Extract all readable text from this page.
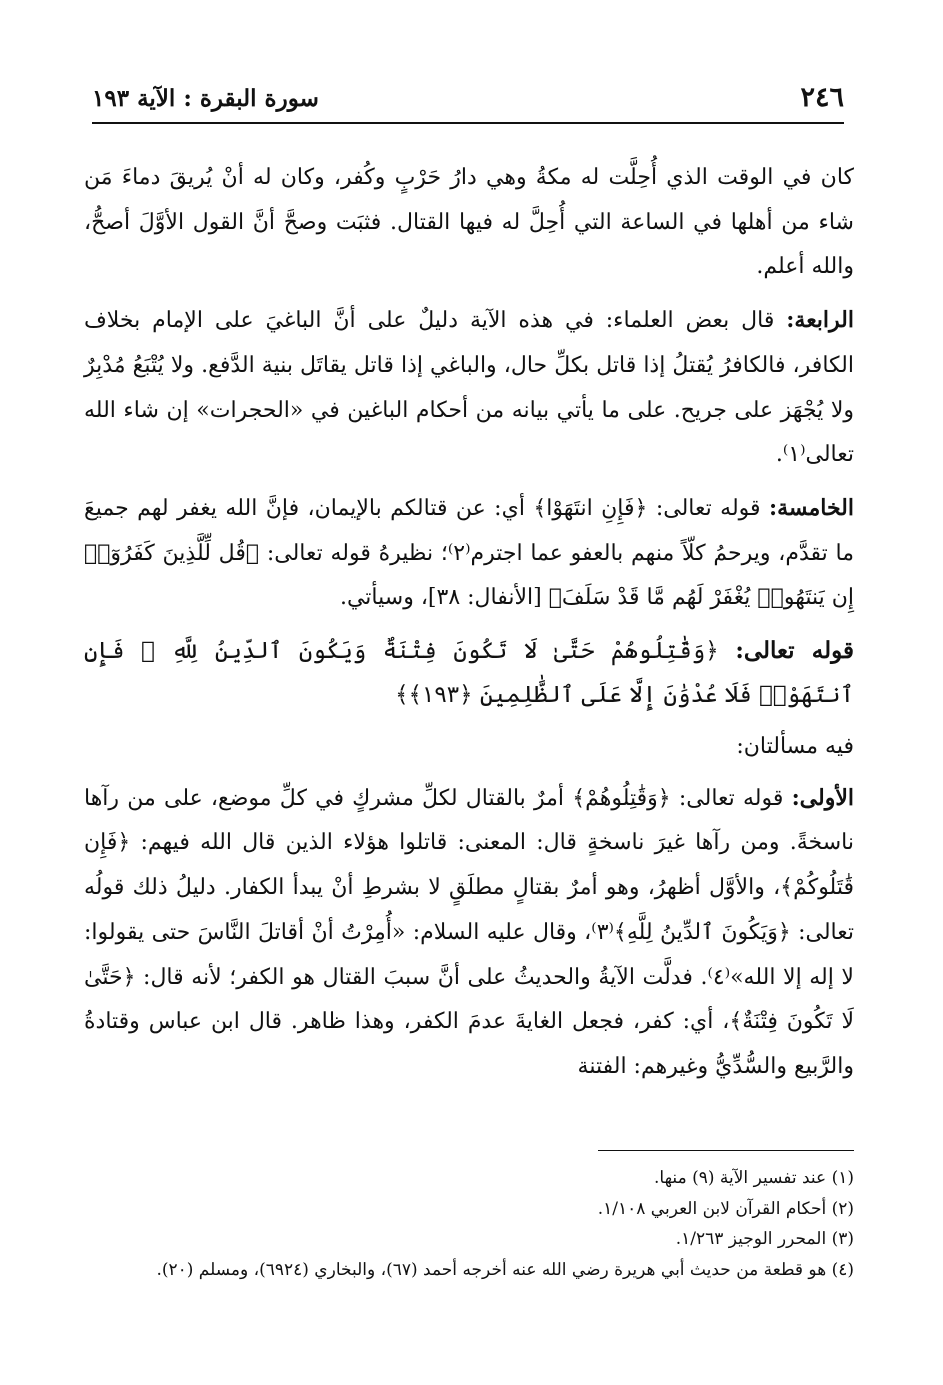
٢٤٦
سورة البقرة : الآية ١٩٣

كان في الوقت الذي أُحِلَّت له مكةُ وهي دارُ حَرْبٍ وكُفر، وكان له أنْ يُريقَ دماءَ مَن شاء من أهلها في الساعة التي أُحِلَّ له فيها القتال. فثبَت وصحَّ أنَّ القول الأوَّلَ أصحُّ، والله أعلم.

الرابعة: قال بعض العلماء: في هذه الآية دليلٌ على أنَّ الباغيَ على الإمام بخلاف الكافر، فالكافرُ يُقتلُ إذا قاتل بكلِّ حال، والباغي إذا قاتل يقاتَل بنية الدَّفع. ولا يُتْبَعُ مُدْبِرٌ ولا يُجْهَز على جريح. على ما يأتي بيانه من أحكام الباغين في «الحجرات» إن شاء الله تعالى⁽١⁾.

الخامسة: قوله تعالى: ﴿فَإِنِ انتَهَوْا﴾ أي: عن قتالكم بالإيمان، فإنَّ الله يغفر لهم جميعَ ما تقدَّم، ويرحمُ كلّاً منهم بالعفو عما اجترم⁽٢⁾؛ نظيرهُ قوله تعالى: ﴿قُل لِّلَّذِينَ كَفَرُوٓا۟ إِن يَنتَهُوا۟ يُغْفَرْ لَهُم مَّا قَدْ سَلَفَ﴾ [الأنفال: ٣٨]، وسيأتي.

قوله تعالى: ﴿وَقَٰتِلُوهُمْ حَتَّىٰ لَا تَكُونَ فِتْنَةٌ وَيَكُونَ ٱلدِّينُ لِلَّهِ ۖ فَإِنِ ٱنتَهَوْا۟ فَلَا عُدْوَٰنَ إِلَّا عَلَى ٱلظَّٰلِمِينَ ﴿١٩٣﴾﴾

فيه مسألتان:

الأولى: قوله تعالى: ﴿وَقَٰتِلُوهُمْ﴾ أمرٌ بالقتال لكلِّ مشركٍ في كلِّ موضع، على من رآها ناسخةً. ومن رآها غيرَ ناسخةٍ قال: المعنى: قاتلوا هؤلاء الذين قال الله فيهم: ﴿فَإِن قَٰتَلُوكُمْ﴾، والأوَّل أظهرُ، وهو أمرٌ بقتالٍ مطلَقٍ لا بشرطِ أنْ يبدأ الكفار. دليلُ ذلك قولُه تعالى: ﴿وَيَكُونَ ٱلدِّينُ لِلَّهِ﴾⁽٣⁾، وقال عليه السلام: «أُمِرْتُ أنْ أقاتلَ النَّاسَ حتى يقولوا: لا إله إلا الله»⁽٤⁾. فدلَّت الآيةُ والحديثُ على أنَّ سببَ القتال هو الكفر؛ لأنه قال: ﴿حَتَّىٰ لَا تَكُونَ فِتْنَةٌ﴾، أي: كفر، فجعل الغايةَ عدمَ الكفر، وهذا ظاهر. قال ابن عباس وقتادةُ والرَّبيع والسُّدِّيُّ وغيرهم: الفتنة

(١) عند تفسير الآية (٩) منها.
(٢) أحكام القرآن لابن العربي ١/١٠٨.
(٣) المحرر الوجيز ١/٢٦٣.
(٤) هو قطعة من حديث أبي هريرة رضي الله عنه أخرجه أحمد (٦٧)، والبخاري (٦٩٢٤)، ومسلم (٢٠).
